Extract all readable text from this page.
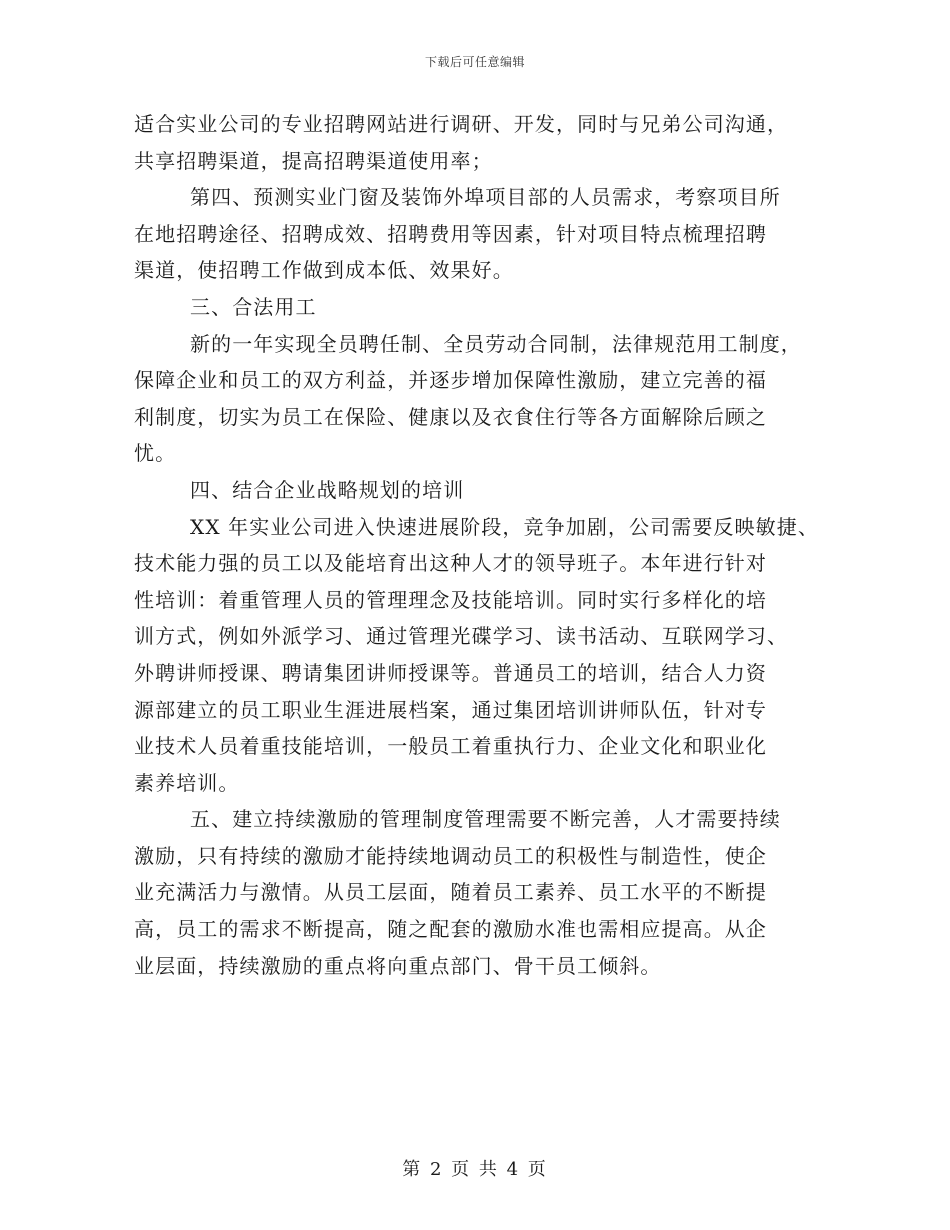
下载后可任意编辑
适合实业公司的专业招聘网站进行调研、开发，同时与兄弟公司沟通，
共享招聘渠道，提高招聘渠道使用率；
第四、预测实业门窗及装饰外埠项目部的人员需求，考察项目所
在地招聘途径、招聘成效、招聘费用等因素，针对项目特点梳理招聘
渠道，使招聘工作做到成本低、效果好。
三、合法用工
新的一年实现全员聘任制、全员劳动合同制，法律规范用工制度，
保障企业和员工的双方利益，并逐步增加保障性激励，建立完善的福
利制度，切实为员工在保险、健康以及衣食住行等各方面解除后顾之
忧。
四、结合企业战略规划的培训
XX 年实业公司进入快速进展阶段，竞争加剧，公司需要反映敏捷、
技术能力强的员工以及能培育出这种人才的领导班子。本年进行针对
性培训：着重管理人员的管理理念及技能培训。同时实行多样化的培
训方式，例如外派学习、通过管理光碟学习、读书活动、互联网学习、
外聘讲师授课、聘请集团讲师授课等。普通员工的培训，结合人力资
源部建立的员工职业生涯进展档案，通过集团培训讲师队伍，针对专
业技术人员着重技能培训，一般员工着重执行力、企业文化和职业化
素养培训。
五、建立持续激励的管理制度管理需要不断完善，人才需要持续
激励，只有持续的激励才能持续地调动员工的积极性与制造性，使企
业充满活力与激情。从员工层面，随着员工素养、员工水平的不断提
高，员工的需求不断提高，随之配套的激励水准也需相应提高。从企
业层面，持续激励的重点将向重点部门、骨干员工倾斜。
第 2 页 共 4 页
